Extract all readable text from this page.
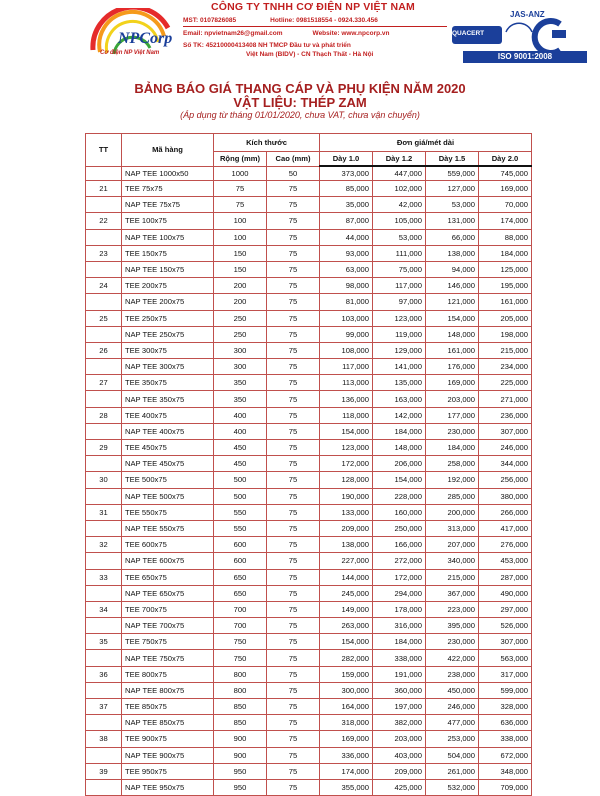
NPCorp
Cơ điện NP Việt Nam
CÔNG TY TNHH CƠ ĐIỆN NP VIỆT NAM
MST: 0107826085	Hotline: 0981518554 - 0924.330.456
Email: npvietnam26@gmail.com	Website: www.npcorp.vn
Số TK: 45210000413408 NH TMCP Đầu tư và phát triển
Việt Nam (BIDV) - CN Thạch Thất - Hà Nội
JAS-ANZ
QUACERT
ISO 9001:2008
BẢNG BÁO GIÁ THANG CÁP VÀ PHỤ KIỆN NĂM 2020
VẬT LIỆU: THÉP ZAM
(Áp dụng từ tháng 01/01/2020, chưa VAT, chưa vận chuyển)
TT	Mã hàng	Kích thước		Đơn giá/mét dài			
		Rộng (mm)	Cao (mm)	Dày 1.0	Dày 1.2	Dày 1.5	Dày 2.0
	NAP TEE 1000x50	1000	50	373,000	447,000	559,000	745,000
21	TEE 75x75	75	75	85,000	102,000	127,000	169,000
	NAP TEE 75x75	75	75	35,000	42,000	53,000	70,000
22	TEE 100x75	100	75	87,000	105,000	131,000	174,000
	NAP TEE 100x75	100	75	44,000	53,000	66,000	88,000
23	TEE 150x75	150	75	93,000	111,000	138,000	184,000
	NAP TEE 150x75	150	75	63,000	75,000	94,000	125,000
24	TEE 200x75	200	75	98,000	117,000	146,000	195,000
	NAP TEE 200x75	200	75	81,000	97,000	121,000	161,000
25	TEE 250x75	250	75	103,000	123,000	154,000	205,000
	NAP TEE 250x75	250	75	99,000	119,000	148,000	198,000
26	TEE 300x75	300	75	108,000	129,000	161,000	215,000
	NAP TEE 300x75	300	75	117,000	141,000	176,000	234,000
27	TEE 350x75	350	75	113,000	135,000	169,000	225,000
	NAP TEE 350x75	350	75	136,000	163,000	203,000	271,000
28	TEE 400x75	400	75	118,000	142,000	177,000	236,000
	NAP TEE 400x75	400	75	154,000	184,000	230,000	307,000
29	TEE 450x75	450	75	123,000	148,000	184,000	246,000
	NAP TEE 450x75	450	75	172,000	206,000	258,000	344,000
30	TEE 500x75	500	75	128,000	154,000	192,000	256,000
	NAP TEE 500x75	500	75	190,000	228,000	285,000	380,000
31	TEE 550x75	550	75	133,000	160,000	200,000	266,000
	NAP TEE 550x75	550	75	209,000	250,000	313,000	417,000
32	TEE 600x75	600	75	138,000	166,000	207,000	276,000
	NAP TEE 600x75	600	75	227,000	272,000	340,000	453,000
33	TEE 650x75	650	75	144,000	172,000	215,000	287,000
	NAP TEE 650x75	650	75	245,000	294,000	367,000	490,000
34	TEE 700x75	700	75	149,000	178,000	223,000	297,000
	NAP TEE 700x75	700	75	263,000	316,000	395,000	526,000
35	TEE 750x75	750	75	154,000	184,000	230,000	307,000
	NAP TEE 750x75	750	75	282,000	338,000	422,000	563,000
36	TEE 800x75	800	75	159,000	191,000	238,000	317,000
	NAP TEE 800x75	800	75	300,000	360,000	450,000	599,000
37	TEE 850x75	850	75	164,000	197,000	246,000	328,000
	NAP TEE 850x75	850	75	318,000	382,000	477,000	636,000
38	TEE 900x75	900	75	169,000	203,000	253,000	338,000
	NAP TEE 900x75	900	75	336,000	403,000	504,000	672,000
39	TEE 950x75	950	75	174,000	209,000	261,000	348,000
	NAP TEE 950x75	950	75	355,000	425,000	532,000	709,000
